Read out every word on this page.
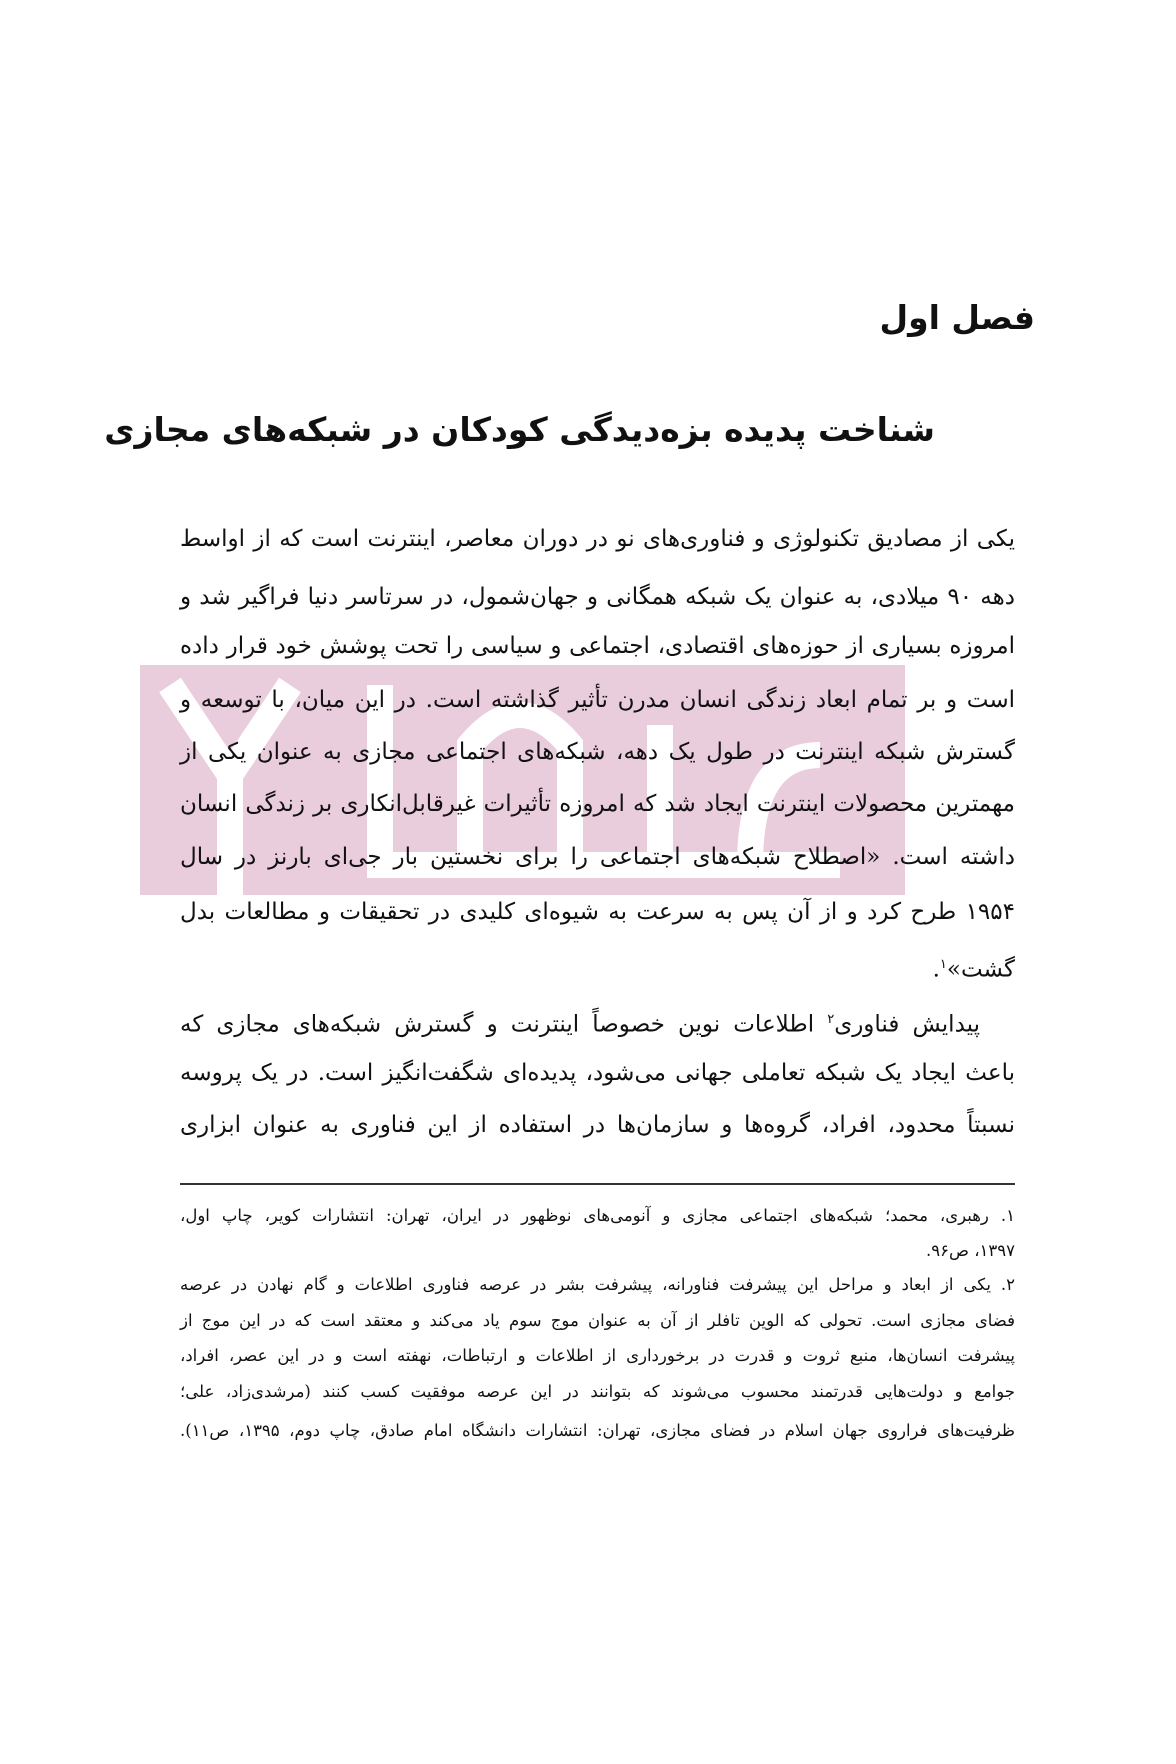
فصل اول
شناخت پدیده بزه‌دیدگی کودکان در شبکه‌های مجازی
یکی از مصادیق تکنولوژی و فناوری‌های نو در دوران معاصر، اینترنت است که از اواسط
دهه ۹۰ میلادی، به عنوان یک شبکه همگانی و جهان‌شمول، در سرتاسر دنیا فراگیر شد و
امروزه بسیاری از حوزه‌های اقتصادی، اجتماعی و سیاسی را تحت پوشش خود قرار داده
است و بر تمام ابعاد زندگی انسان مدرن تأثیر گذاشته است. در این میان، با توسعه و
گسترش شبکه اینترنت در طول یک دهه، شبکه‌های اجتماعی مجازی به عنوان یکی از
مهمترین محصولات اینترنت ایجاد شد که امروزه تأثیرات غیرقابل‌انکاری بر زندگی انسان
داشته است. «اصطلاح شبکه‌های اجتماعی را برای نخستین بار جی‌ای بارنز در سال
۱۹۵۴ طرح کرد و از آن پس به سرعت به شیوه‌ای کلیدی در تحقیقات و مطالعات بدل
گشت»$^۱$.
پیدایش فناوری$^۲$ اطلاعات نوین خصوصاً اینترنت و گسترش شبکه‌های مجازی که
باعث ایجاد یک شبکه تعاملی جهانی می‌شود، پدیده‌ای شگفت‌انگیز است. در یک پروسه
نسبتاً محدود، افراد، گروه‌ها و سازمان‌ها در استفاده از این فناوری به عنوان ابزاری
۱. رهبری، محمد؛ شبکه‌های اجتماعی مجازی و آنومی‌های نوظهور در ایران، تهران: انتشارات کویر، چاپ اول،
۱۳۹۷، ص۹۶.
۲. یکی از ابعاد و مراحل این پیشرفت فناورانه، پیشرفت بشر در عرصه فناوری اطلاعات و گام نهادن در عرصه
فضای مجازی است. تحولی که الوین تافلر از آن به عنوان موج سوم یاد می‌کند و معتقد است که در این موج از
پیشرفت انسان‌ها، منبع ثروت و قدرت در برخورداری از اطلاعات و ارتباطات، نهفته است و در این عصر، افراد،
جوامع و دولت‌هایی قدرتمند محسوب می‌شوند که بتوانند در این عرصه موفقیت کسب کنند (مرشدی‌زاد، علی؛
ظرفیت‌های فراروی جهان اسلام در فضای مجازی، تهران: انتشارات دانشگاه امام صادق، چاپ دوم، ۱۳۹۵، ص۱۱).
